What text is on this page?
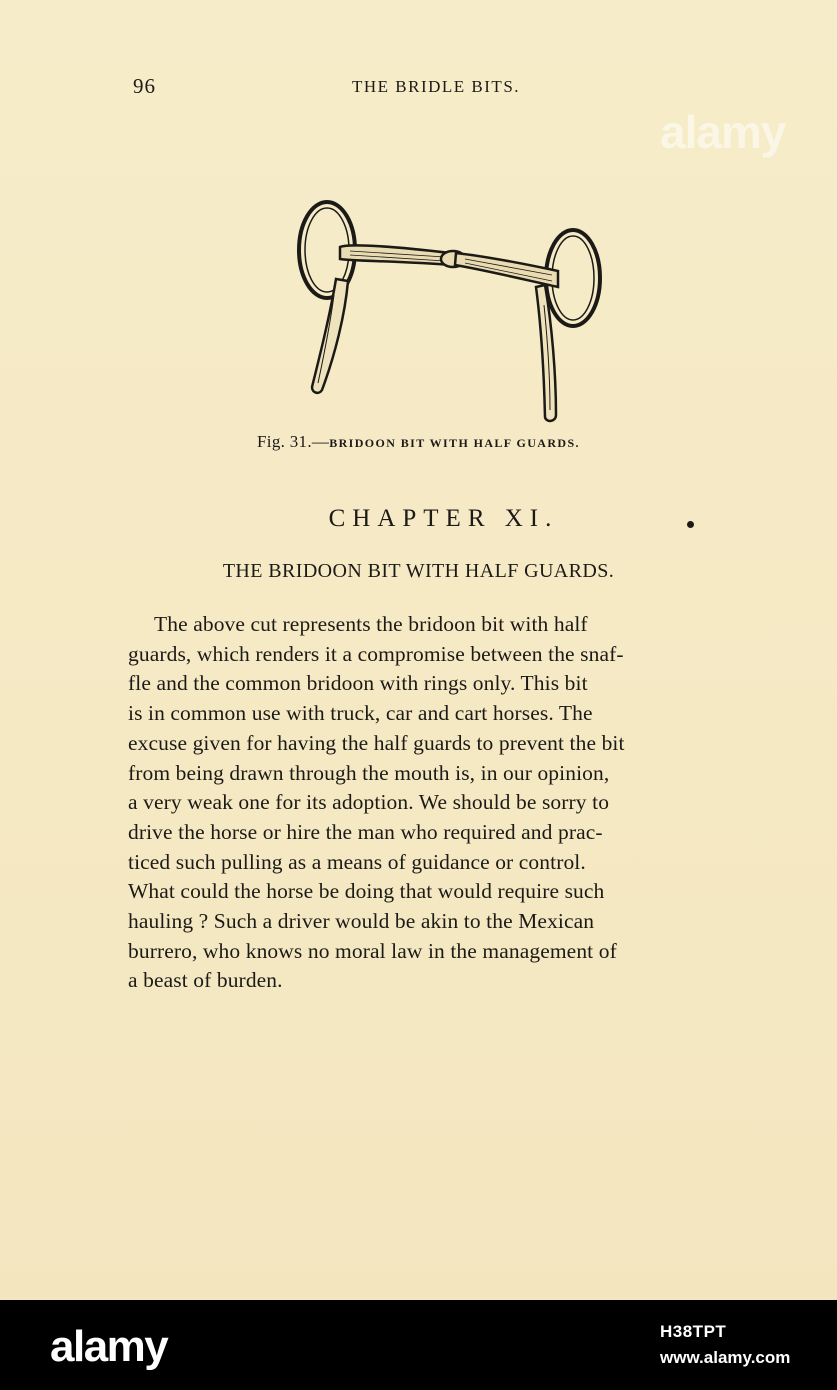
96	THE BRIDLE BITS.
alamy
Fig. 31.—BRIDOON BIT WITH HALF GUARDS.
CHAPTER XI.
THE BRIDOON BIT WITH HALF GUARDS.
The above cut represents the bridoon bit with half
guards, which renders it a compromise between the snaf-
fle and the common bridoon with rings only. This bit
is in common use with truck, car and cart horses. The
excuse given for having the half guards to prevent the bit
from being drawn through the mouth is, in our opinion,
a very weak one for its adoption. We should be sorry to
drive the horse or hire the man who required and prac-
ticed such pulling as a means of guidance or control.
What could the horse be doing that would require such
hauling ? Such a driver would be akin to the Mexican
burrero, who knows no moral law in the management of
a beast of burden.
alamy	H38TPT
www.alamy.com
